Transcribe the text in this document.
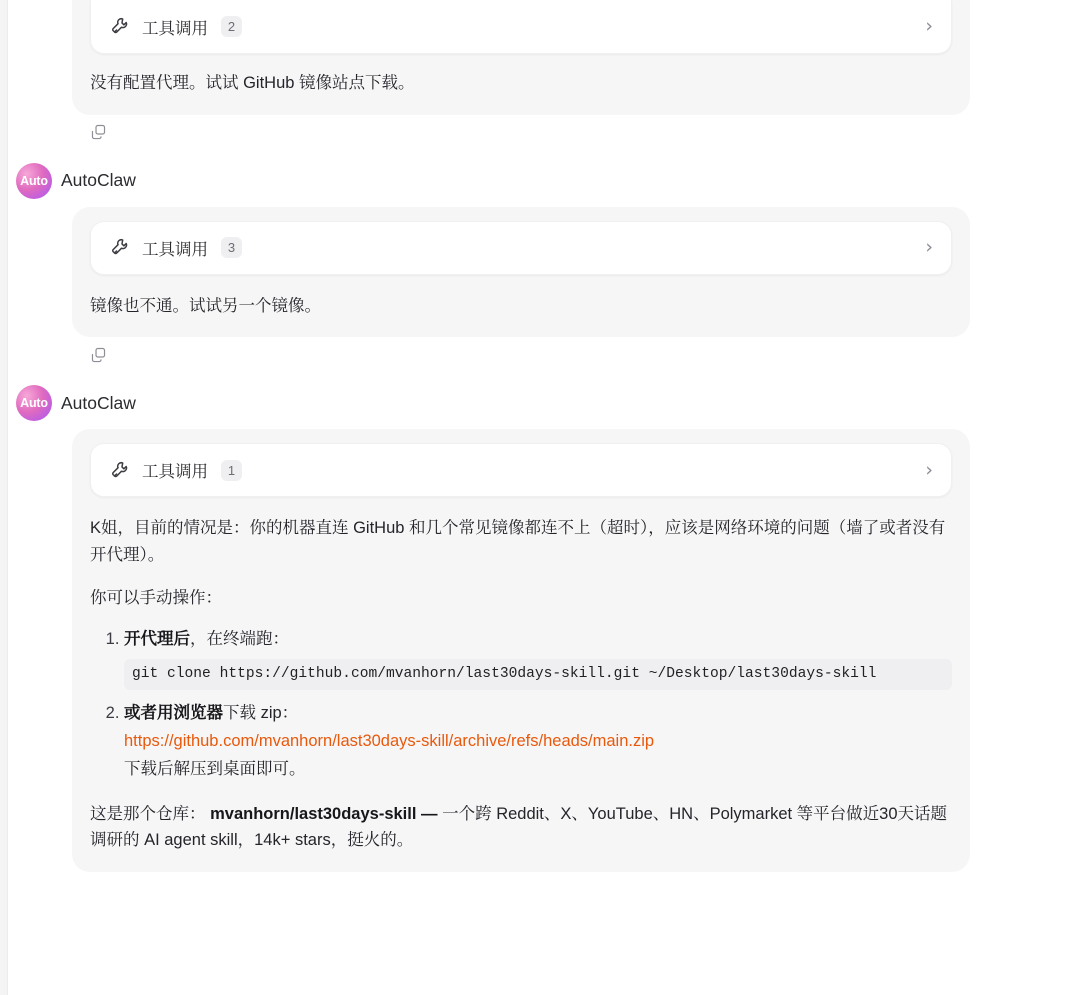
工具调用	2	›

没有配置代理。试试 GitHub 镜像站点下载。

Auto AutoClaw
工具调用	3	›

镜像也不通。试试另一个镜像。

Auto AutoClaw
工具调用	1	›

K姐，目前的情况是：你的机器直连 GitHub 和几个常见镜像都连不上（超时），应该是网络环境的问题（墙了或者没有开代理）。

你可以手动操作：

1. 开代理后，在终端跑：
git clone https://github.com/mvanhorn/last30days-skill.git ~/Desktop/last30days-skill
2. 或者用浏览器下载 zip：
https://github.com/mvanhorn/last30days-skill/archive/refs/heads/main.zip
下载后解压到桌面即可。

这是那个仓库： mvanhorn/last30days-skill — 一个跨 Reddit、X、YouTube、HN、Polymarket 等平台做近30天话题调研的 AI agent skill，14k+ stars，挺火的。
